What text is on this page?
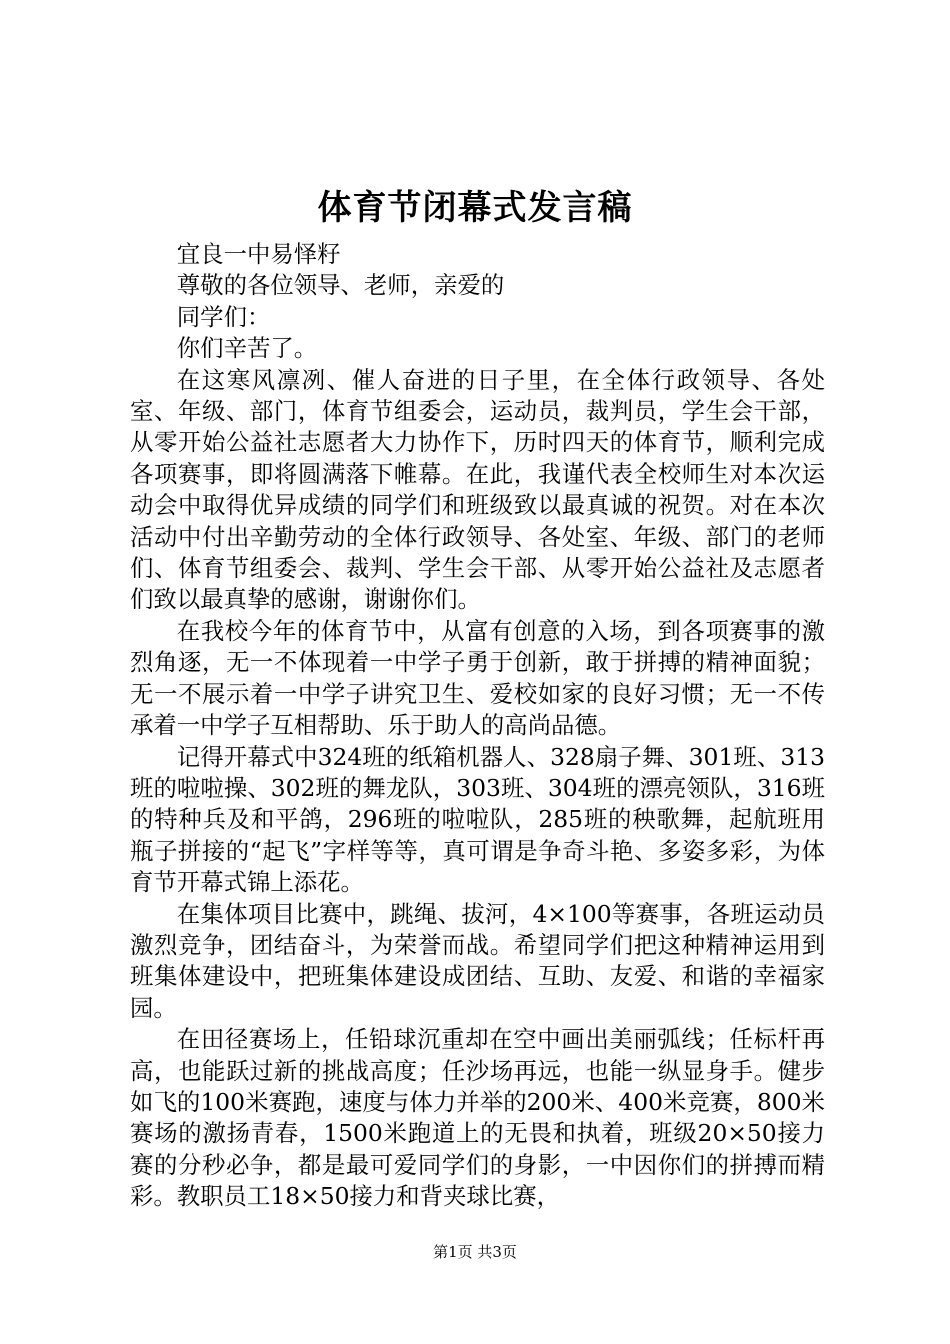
体育节闭幕式发言稿

宜良一中易怿籽

尊敬的各位领导、老师，亲爱的

同学们：

你们辛苦了。

在这寒风凛冽、催人奋进的日子里，在全体行政领导、各处室、年级、部门，体育节组委会，运动员，裁判员，学生会干部，从零开始公益社志愿者大力协作下，历时四天的体育节，顺利完成各项赛事，即将圆满落下帷幕。在此，我谨代表全校师生对本次运动会中取得优异成绩的同学们和班级致以最真诚的祝贺。对在本次活动中付出辛勤劳动的全体行政领导、各处室、年级、部门的老师们、体育节组委会、裁判、学生会干部、从零开始公益社及志愿者们致以最真挚的感谢，谢谢你们。

在我校今年的体育节中，从富有创意的入场，到各项赛事的激烈角逐，无一不体现着一中学子勇于创新，敢于拼搏的精神面貌；无一不展示着一中学子讲究卫生、爱校如家的良好习惯；无一不传承着一中学子互相帮助、乐于助人的高尚品德。

记得开幕式中324班的纸箱机器人、328扇子舞、301班、313班的啦啦操、302班的舞龙队，303班、304班的漂亮领队，316班的特种兵及和平鸽，296班的啦啦队，285班的秧歌舞，起航班用瓶子拼接的“起飞”字样等等，真可谓是争奇斗艳、多姿多彩，为体育节开幕式锦上添花。

在集体项目比赛中，跳绳、拔河，4×100等赛事，各班运动员激烈竞争，团结奋斗，为荣誉而战。希望同学们把这种精神运用到班集体建设中，把班集体建设成团结、互助、友爱、和谐的幸福家园。

在田径赛场上，任铅球沉重却在空中画出美丽弧线；任标杆再高，也能跃过新的挑战高度；任沙场再远，也能一纵显身手。健步如飞的100米赛跑，速度与体力并举的200米、400米竞赛，800米赛场的激扬青春，1500米跑道上的无畏和执着，班级20×50接力赛的分秒必争，都是最可爱同学们的身影，一中因你们的拼搏而精彩。教职员工18×50接力和背夹球比赛，

第1页 共3页
